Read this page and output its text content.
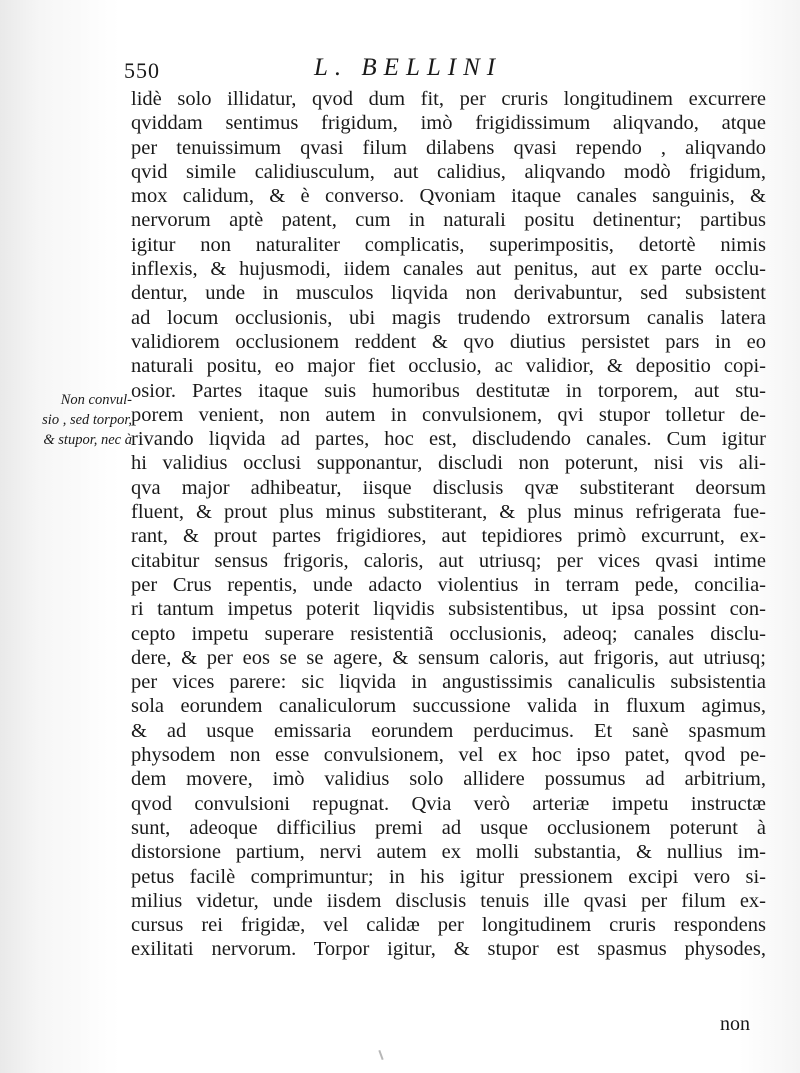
550	L. BELLINI
Non convul-
sio , sed torpor,
& stupor, nec à
lidè solo illidatur, qvod dum fit, per cruris longitudinem excurrere
qviddam sentimus frigidum, imò frigidissimum aliqvando, atque
per tenuissimum qvasi filum dilabens qvasi rependo , aliqvando
qvid simile calidiusculum, aut calidius, aliqvando modò frigidum,
mox calidum, & è converso. Qvoniam itaque canales sanguinis, &
nervorum aptè patent, cum in naturali positu detinentur; partibus
igitur non naturaliter complicatis, superimpositis, detortè nimis
inflexis, & hujusmodi, iidem canales aut penitus, aut ex parte occlu-
dentur, unde in musculos liqvida non derivabuntur, sed subsistent
ad locum occlusionis, ubi magis trudendo extrorsum canalis latera
validiorem occlusionem reddent & qvo diutius persistet pars in eo
naturali positu, eo major fiet occlusio, ac validior, & depositio copi-
osior. Partes itaque suis humoribus destitutæ in torporem, aut stu-
porem venient, non autem in convulsionem, qvi stupor tolletur de-
rivando liqvida ad partes, hoc est, discludendo canales. Cum igitur
hi validius occlusi supponantur, discludi non poterunt, nisi vis ali-
qva major adhibeatur, iisque disclusis qvæ substiterant deorsum
fluent, & prout plus minus substiterant, & plus minus refrigerata fue-
rant, & prout partes frigidiores, aut tepidiores primò excurrunt, ex-
citabitur sensus frigoris, caloris, aut utriusq; per vices qvasi intime
per Crus repentis, unde adacto violentius in terram pede, concilia-
ri tantum impetus poterit liqvidis subsistentibus, ut ipsa possint con-
cepto impetu superare resistentiã occlusionis, adeoq; canales disclu-
dere, & per eos se se agere, & sensum caloris, aut frigoris, aut utriusq;
per vices parere: sic liqvida in angustissimis canaliculis subsistentia
sola eorundem canaliculorum succussione valida in fluxum agimus,
& ad usque emissaria eorundem perducimus. Et sanè spasmum
physodem non esse convulsionem, vel ex hoc ipso patet, qvod pe-
dem movere, imò validius solo allidere possumus ad arbitrium,
qvod convulsioni repugnat. Qvia verò arteriæ impetu instructæ
sunt, adeoque difficilius premi ad usque occlusionem poterunt à
distorsione partium, nervi autem ex molli substantia, & nullius im-
petus facilè comprimuntur; in his igitur pressionem excipi vero si-
milius videtur, unde iisdem disclusis tenuis ille qvasi per filum ex-
cursus rei frigidæ, vel calidæ per longitudinem cruris respondens
exilitati nervorum. Torpor igitur, & stupor est spasmus physodes,
non
